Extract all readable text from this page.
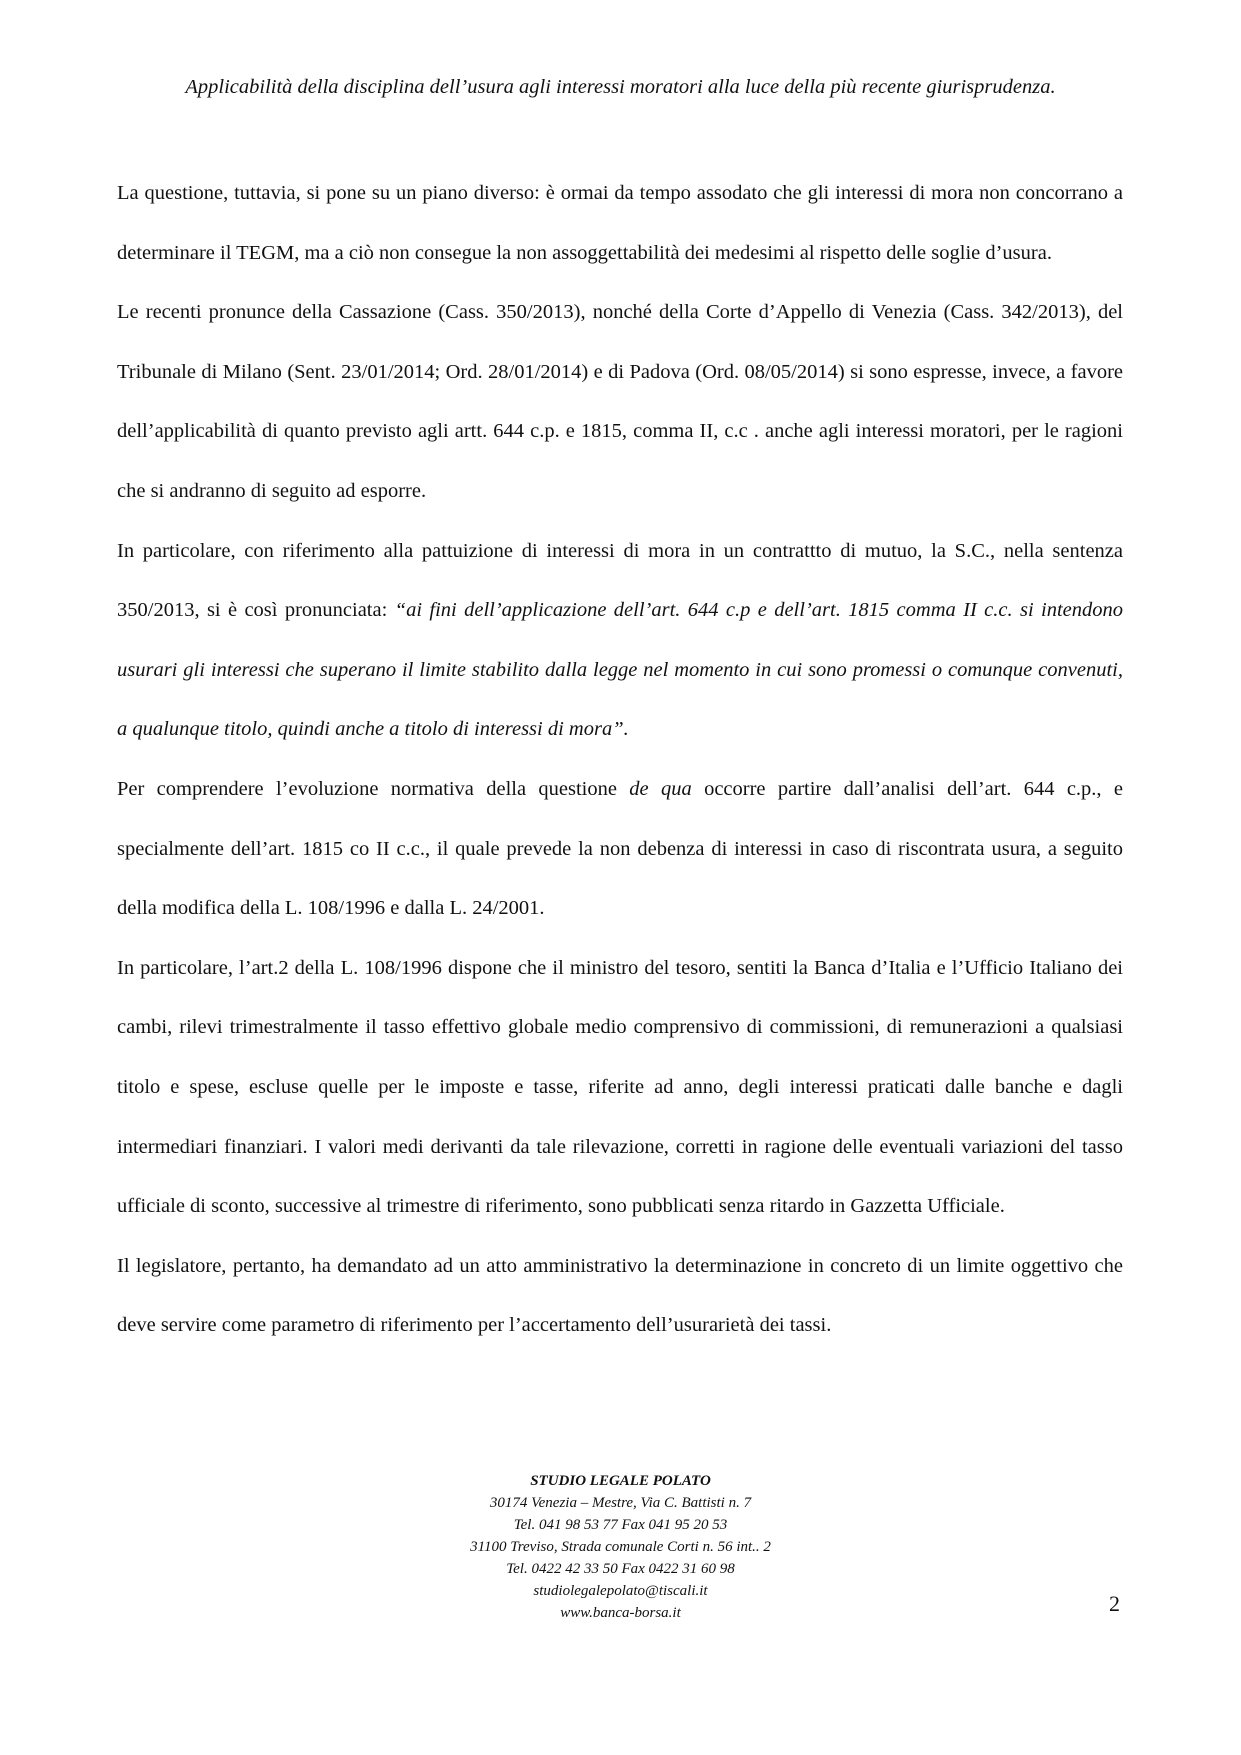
Applicabilità della disciplina dell’usura agli interessi moratori alla luce della più recente giurisprudenza.

La questione, tuttavia, si pone su un piano diverso: è ormai da tempo assodato che gli interessi di mora non concorrano a determinare il TEGM, ma a ciò non consegue la non assoggettabilità dei medesimi al rispetto delle soglie d’usura.

Le recenti pronunce della Cassazione (Cass. 350/2013), nonché della Corte d’Appello di Venezia (Cass. 342/2013), del Tribunale di Milano (Sent. 23/01/2014; Ord. 28/01/2014) e di Padova (Ord. 08/05/2014) si sono espresse, invece, a favore dell’applicabilità di quanto previsto agli artt. 644 c.p. e 1815, comma II, c.c . anche agli interessi moratori, per le ragioni che si andranno di seguito ad esporre.

In particolare, con riferimento alla pattuizione di interessi di mora in un contrattto di mutuo, la S.C., nella sentenza 350/2013, si è così pronunciata: “ai fini dell’applicazione dell’art. 644 c.p e dell’art. 1815 comma II c.c. si intendono usurari gli interessi che superano il limite stabilito dalla legge nel momento in cui sono promessi o comunque convenuti, a qualunque titolo, quindi anche a titolo di interessi di mora”.

Per comprendere l’evoluzione normativa della questione de qua occorre partire dall’analisi dell’art. 644 c.p., e specialmente dell’art. 1815 co II c.c., il quale prevede la non debenza di interessi in caso di riscontrata usura, a seguito della modifica della L. 108/1996 e dalla L. 24/2001.

In particolare, l’art.2 della L. 108/1996 dispone che il ministro del tesoro, sentiti la Banca d’Italia e l’Ufficio Italiano dei cambi, rilevi trimestralmente il tasso effettivo globale medio comprensivo di commissioni, di remunerazioni a qualsiasi titolo e spese, escluse quelle per le imposte e tasse, riferite ad anno, degli interessi praticati dalle banche e dagli intermediari finanziari. I valori medi derivanti da tale rilevazione, corretti in ragione delle eventuali variazioni del tasso ufficiale di sconto, successive al trimestre di riferimento, sono pubblicati senza ritardo in Gazzetta Ufficiale.

Il legislatore, pertanto, ha demandato ad un atto amministrativo la determinazione in concreto di un limite oggettivo che deve servire come parametro di riferimento per l’accertamento dell’usurarietà dei tassi.

STUDIO LEGALE POLATO
30174 Venezia – Mestre, Via C. Battisti n. 7
Tel. 041 98 53 77 Fax 041 95 20 53
31100 Treviso, Strada comunale Corti n. 56 int.. 2
Tel. 0422 42 33 50 Fax 0422 31 60 98
studiolegalepolato@tiscali.it
www.banca-borsa.it	2
